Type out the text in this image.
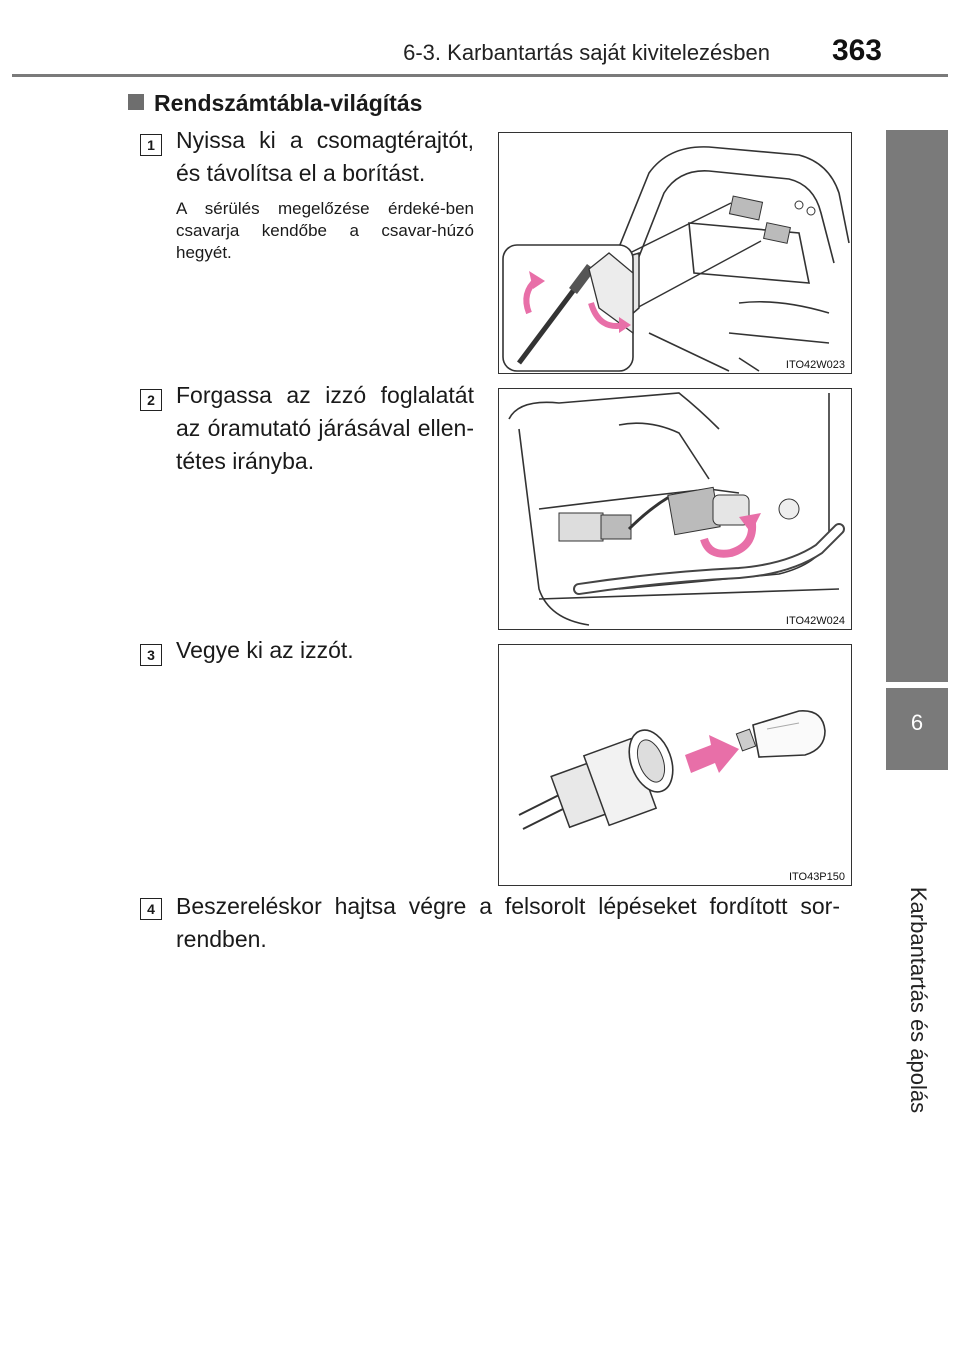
6-3. Karbantartás saját kivitelezésben 363
6
Karbantartás és ápolás
Rendszámtábla-világítás
1 Nyissa ki a csomagtérajtót, és távolítsa el a borítást.
A sérülés megelőzése érdeké-ben csavarja kendőbe a csavar-húzó hegyét.
ITO42W023
2 Forgassa az izzó foglalatát az óramutató járásával ellen-tétes irányba.
ITO42W024
3 Vegye ki az izzót.
ITO43P150
4 Beszereléskor hajtsa végre a felsorolt lépéseket fordított sor-rendben.
